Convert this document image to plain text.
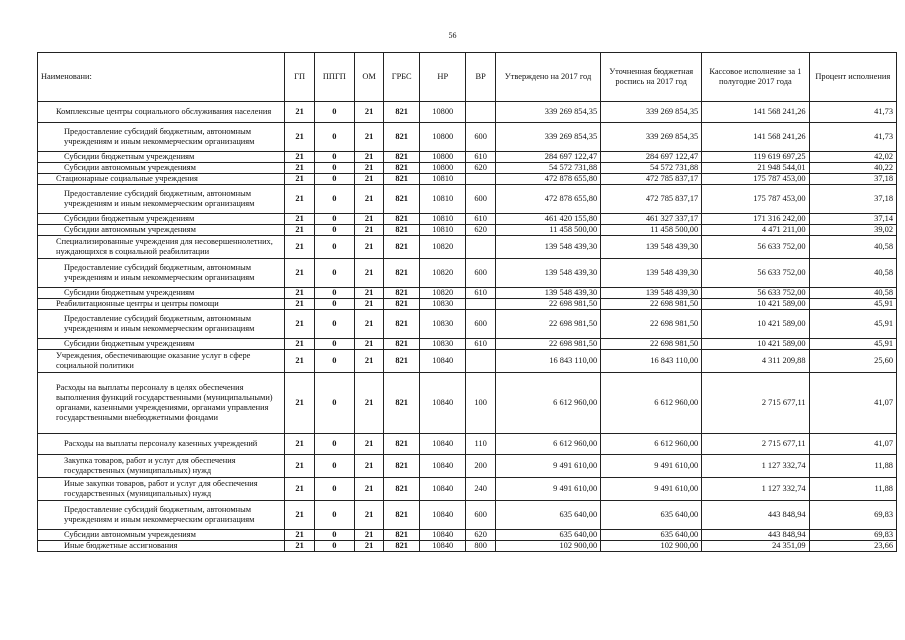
56
Наименовани:	ГП	ППГП	ОМ	ГРБС	НР	ВР	Утверждено на 2017 год	Уточненная бюджетная роспись на 2017 год	Кассовое исполнение за 1 полугодие 2017 года	Процент исполнения
Комплексные центры социального обслуживания населения	21	0	21	821	10800		339 269 854,35	339 269 854,35	141 568 241,26	41,73
Предоставление субсидий бюджетным, автономным учреждениям и иным некоммерческим организациям	21	0	21	821	10800	600	339 269 854,35	339 269 854,35	141 568 241,26	41,73
Субсидии бюджетным учреждениям	21	0	21	821	10800	610	284 697 122,47	284 697 122,47	119 619 697,25	42,02
Субсидии автономным учреждениям	21	0	21	821	10800	620	54 572 731,88	54 572 731,88	21 948 544,01	40,22
Стационарные социальные учреждения	21	0	21	821	10810		472 878 655,80	472 785 837,17	175 787 453,00	37,18
Предоставление субсидий бюджетным, автономным учреждениям и иным некоммерческим организациям	21	0	21	821	10810	600	472 878 655,80	472 785 837,17	175 787 453,00	37,18
Субсидии бюджетным учреждениям	21	0	21	821	10810	610	461 420 155,80	461 327 337,17	171 316 242,00	37,14
Субсидии автономным учреждениям	21	0	21	821	10810	620	11 458 500,00	11 458 500,00	4 471 211,00	39,02
Специализированные учреждения для несовершеннолетних, нуждающихся в социальной реабилитации	21	0	21	821	10820		139 548 439,30	139 548 439,30	56 633 752,00	40,58
Предоставление субсидий бюджетным, автономным учреждениям и иным некоммерческим организациям	21	0	21	821	10820	600	139 548 439,30	139 548 439,30	56 633 752,00	40,58
Субсидии бюджетным учреждениям	21	0	21	821	10820	610	139 548 439,30	139 548 439,30	56 633 752,00	40,58
Реабилитационные центры и центры помощи	21	0	21	821	10830		22 698 981,50	22 698 981,50	10 421 589,00	45,91
Предоставление субсидий бюджетным, автономным учреждениям и иным некоммерческим организациям	21	0	21	821	10830	600	22 698 981,50	22 698 981,50	10 421 589,00	45,91
Субсидии бюджетным учреждениям	21	0	21	821	10830	610	22 698 981,50	22 698 981,50	10 421 589,00	45,91
Учреждения, обеспечивающие оказание услуг в сфере социальной политики	21	0	21	821	10840		16 843 110,00	16 843 110,00	4 311 209,88	25,60
Расходы на выплаты персоналу в целях обеспечения выполнения функций государственными (муниципальными) органами, казенными учреждениями, органами управления государственными внебюджетными фондами	21	0	21	821	10840	100	6 612 960,00	6 612 960,00	2 715 677,11	41,07
Расходы на выплаты персоналу казенных учреждений	21	0	21	821	10840	110	6 612 960,00	6 612 960,00	2 715 677,11	41,07
Закупка товаров, работ и услуг для обеспечения государственных (муниципальных) нужд	21	0	21	821	10840	200	9 491 610,00	9 491 610,00	1 127 332,74	11,88
Иные закупки товаров, работ и услуг для обеспечения государственных (муниципальных) нужд	21	0	21	821	10840	240	9 491 610,00	9 491 610,00	1 127 332,74	11,88
Предоставление субсидий бюджетным, автономным учреждениям и иным некоммерческим организациям	21	0	21	821	10840	600	635 640,00	635 640,00	443 848,94	69,83
Субсидии автономным учреждениям	21	0	21	821	10840	620	635 640,00	635 640,00	443 848,94	69,83
Иные бюджетные ассигнования	21	0	21	821	10840	800	102 900,00	102 900,00	24 351,09	23,66
